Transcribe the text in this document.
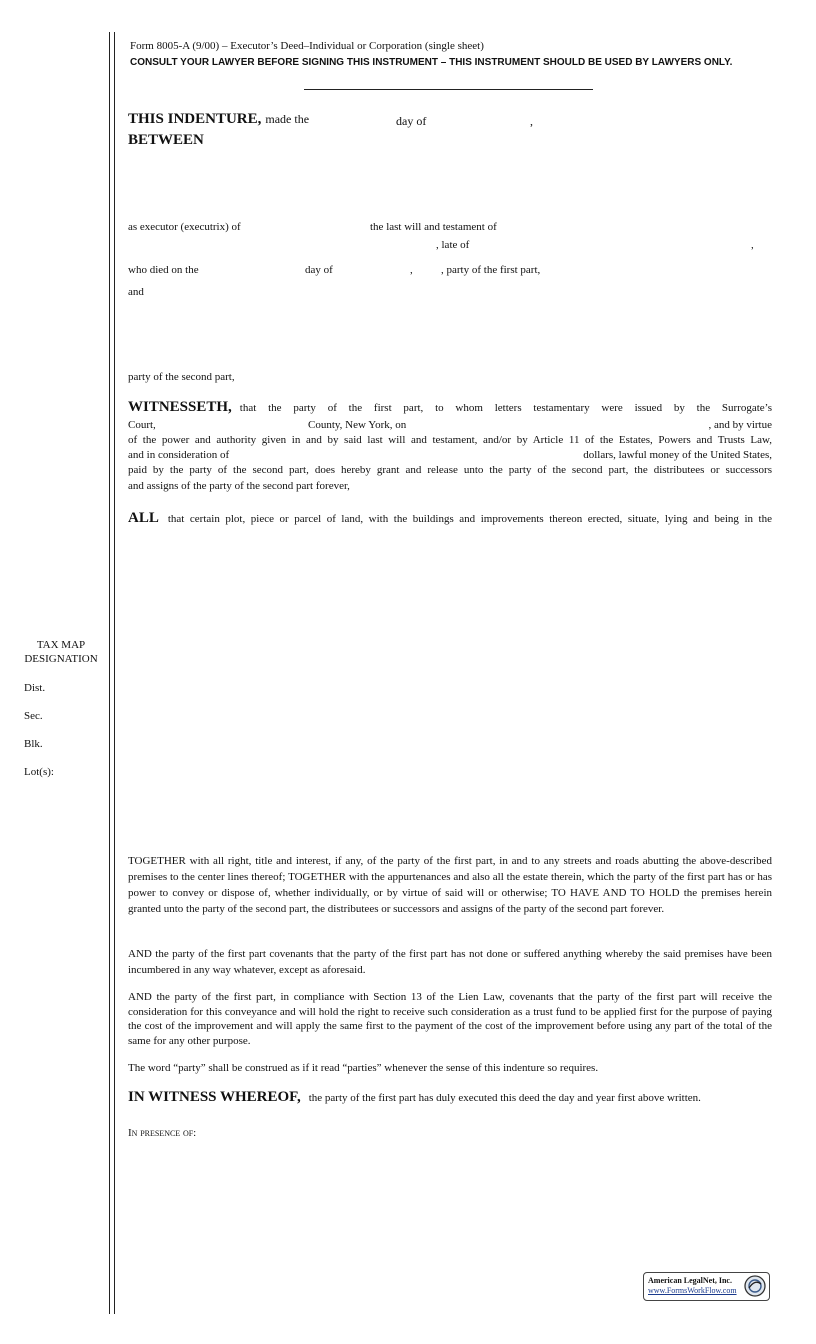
Form 8005-A (9/00) – Executor’s Deed–Individual or Corporation (single sheet)
CONSULT YOUR LAWYER BEFORE SIGNING THIS INSTRUMENT – THIS INSTRUMENT SHOULD BE USED BY LAWYERS ONLY.
THIS INDENTURE, made the	day of	,
BETWEEN
as executor (executrix) of	the last will and testament of
, late of	,
who died on the	day of	,	, party of the first part,
and
party of the second part,
WITNESSETH, that the party of the first part, to whom letters testamentary were issued by the Surrogate’s
Court,	County, New York, on	, and by virtue
of the power and authority given in and by said last will and testament, and/or by Article 11 of the Estates, Powers and Trusts Law,
and in consideration of	dollars, lawful money of the United States,
paid by the party of the second part, does hereby grant and release unto the party of the second part, the distributees or successors
and assigns of the party of the second part forever,
ALL that certain plot, piece or parcel of land, with the buildings and improvements thereon erected, situate, lying and being in the
TAX MAP
DESIGNATION
Dist.
Sec.
Blk.
Lot(s):
TOGETHER with all right, title and interest, if any, of the party of the first part, in and to any streets and roads abutting the above-described premises to the center lines thereof; TOGETHER with the appurtenances and also all the estate therein, which the party of the first part has or has power to convey or dispose of, whether individually, or by virtue of said will or otherwise; TO HAVE AND TO HOLD the premises herein granted unto the party of the second part, the distributees or successors and assigns of the party of the second part forever.
AND the party of the first part covenants that the party of the first part has not done or suffered anything whereby the said premises have been incumbered in any way whatever, except as aforesaid.
AND the party of the first part, in compliance with Section 13 of the Lien Law, covenants that the party of the first part will receive the consideration for this conveyance and will hold the right to receive such consideration as a trust fund to be applied first for the purpose of paying the cost of the improvement and will apply the same first to the payment of the cost of the improvement before using any part of the total of the same for any other purpose.
The word “party” shall be construed as if it read “parties” whenever the sense of this indenture so requires.
IN WITNESS WHEREOF, the party of the first part has duly executed this deed the day and year first above written.
In presence of:
American LegalNet, Inc.
www.FormsWorkFlow.com
